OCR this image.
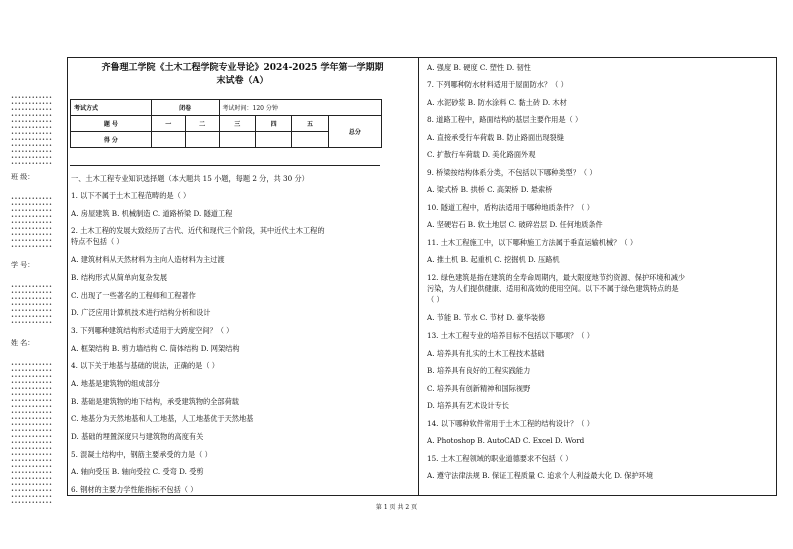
••••••••••••
••••••••••••
••••••••••••
••••••••••••
••••••••••••
••••••••••••
••••••••••••
••••••••••••
••••••••••••
••••••••••••
••••••••••••
••••••••••••
班 级：
••••••••••••
••••••••••••
••••••••••••
••••••••••••
••••••••••••
••••••••••••
••••••••••••
••••••••••••
••••••••••••
学 号：
••••••••••••
••••••••••••
••••••••••••
••••••••••••
••••••••••••
••••••••••••
••••••••••••
姓 名：
••••••••••••
••••••••••••
••••••••••••
••••••••••••
••••••••••••
••••••••••••
••••••••••••
••••••••••••
••••••••••••
••••••••••••
••••••••••••
••••••••••••
••••••••••••
••••••••••••
••••••••••••
••••••••••••
••••••••••••
••••••••••••
••••••••••••
••••••••••••
••••••••••••
••••••••••••
••••••••••••
••••••••••••
齐鲁理工学院《土木工程学院专业导论》2024-2025 学年第一学期期
末试卷（A）
考试方式	闭卷		考试时间：120 分钟			
题 号	一	二	三	四	五	总分
得 分						
一、土木工程专业知识选择题（本大题共 15 小题，每题 2 分，共 30 分）
1. 以下不属于土木工程范畴的是（ ）
A. 房屋建筑 B. 机械制造 C. 道路桥梁 D. 隧道工程
2. 土木工程的发展大致经历了古代、近代和现代三个阶段，其中近代土木工程的
特点不包括（ ）
A. 建筑材料从天然材料为主向人造材料为主过渡
B. 结构形式从简单向复杂发展
C. 出现了一些著名的工程师和工程著作
D. 广泛应用计算机技术进行结构分析和设计
3. 下列哪种建筑结构形式适用于大跨度空间？（ ）
A. 框架结构 B. 剪力墙结构 C. 筒体结构 D. 网架结构
4. 以下关于地基与基础的说法，正确的是（ ）
A. 地基是建筑物的组成部分
B. 基础是建筑物的地下结构，承受建筑物的全部荷载
C. 地基分为天然地基和人工地基，人工地基优于天然地基
D. 基础的埋置深度只与建筑物的高度有关
5. 混凝土结构中，钢筋主要承受的力是（ ）
A. 轴向受压 B. 轴向受拉 C. 受弯 D. 受剪
6. 钢材的主要力学性能指标不包括（ ）
A. 强度 B. 硬度 C. 塑性 D. 韧性
7. 下列哪种防水材料适用于屋面防水？（ ）
A. 水泥砂浆 B. 防水涂料 C. 黏土砖 D. 木材
8. 道路工程中，路面结构的基层主要作用是（ ）
A. 直接承受行车荷载 B. 防止路面出现裂缝
C. 扩散行车荷载 D. 美化路面外观
9. 桥梁按结构体系分类，不包括以下哪种类型？（ ）
A. 梁式桥 B. 拱桥 C. 高架桥 D. 悬索桥
10. 隧道工程中，盾构法适用于哪种地质条件？（ ）
A. 坚硬岩石 B. 软土地层 C. 破碎岩层 D. 任何地质条件
11. 土木工程施工中，以下哪种施工方法属于垂直运输机械？（ ）
A. 推土机 B. 起重机 C. 挖掘机 D. 压路机
12. 绿色建筑是指在建筑的全寿命周期内，最大限度地节约资源、保护环境和减少
污染，为人们提供健康、适用和高效的使用空间。以下不属于绿色建筑特点的是
（ ）
A. 节能 B. 节水 C. 节材 D. 豪华装修
13. 土木工程专业的培养目标不包括以下哪项？（ ）
A. 培养具有扎实的土木工程技术基础
B. 培养具有良好的工程实践能力
C. 培养具有创新精神和国际视野
D. 培养具有艺术设计专长
14. 以下哪种软件常用于土木工程的结构设计？（ ）
A. Photoshop B. AutoCAD C. Excel D. Word
15. 土木工程领域的职业道德要求不包括（ ）
A. 遵守法律法规 B. 保证工程质量 C. 追求个人利益最大化 D. 保护环境
第 1 页 共 2 页
